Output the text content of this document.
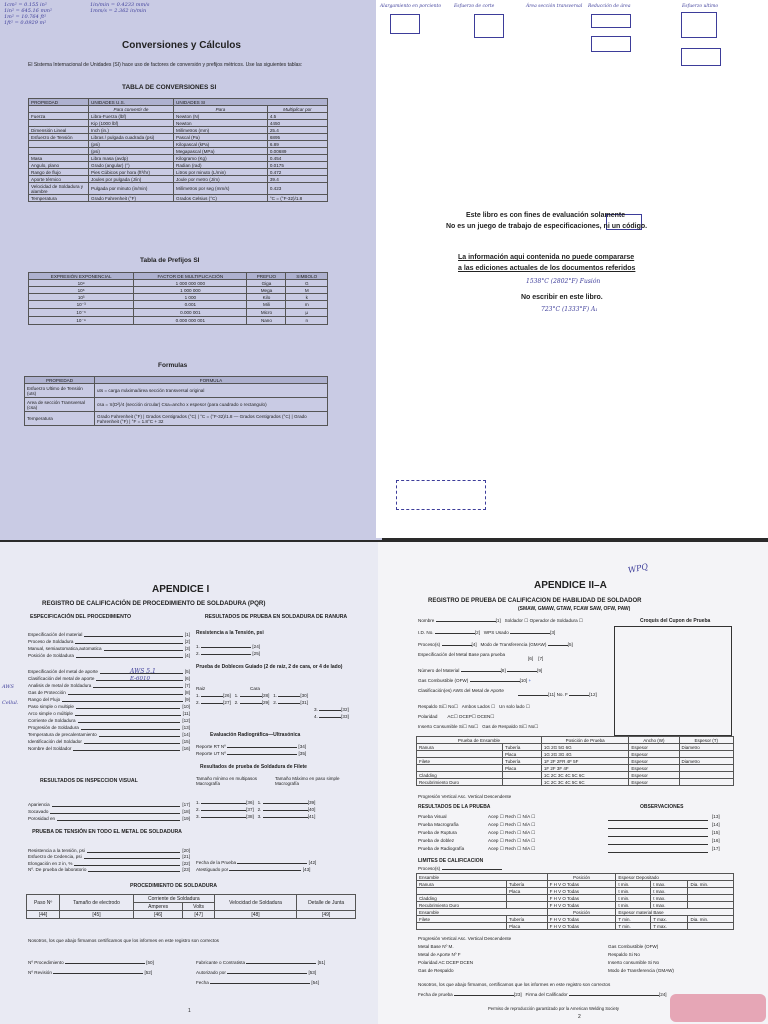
1cm² = 0.155 in²
1in² = 645.16 mm²
1m² = 10.764 ft²
1ft² = 0.0929 m²
1in/min = 0.4233 mm/s
1mm/s = 2.362 in/min
Conversiones y Cálculos
El Sistema Internacional de Unidades (SI) hace uso de factores de conversión y prefijos métricos. Use las siguientes tablas:
TABLA DE CONVERSIONES SI
PROPIEDAD	UNIDADES U.S.	UNIDADES SI	
	Para convertir de	Para	Multiplicar por
Fuerza	Libra-Fuerza (lbf)	Newton (N)	4.5
	Kip (1000 lbf)	Newton	4450
Dimensión Lineal	Inch (in.)	Milímetros (mm)	25.4
Esfuerzo de Tensión	Libras / pulgada cuadrada (psi)	Pascal (Pa)	6895
	(psi)	Kilopascal (kPa)	6.89
	(psi)	Megapascal (MPa)	0.00689
Masa	Libra masa (avdp)	Kilogramo (Kg)	0.454
Angulo, plano	Grado (angular) (°)	Radian (rad)	0.0175
Rango de flujo	Pies Cúbicos por hora (ft³/hr)	Litros por minuto (L/min)	0.472
Aporte térmico	Joules por pulgada (J/in)	Joule por metro (J/m)	39.4
Velocidad de Soldadura y alambre	Pulgada por minuto (in/min)	Milímetros por seg (mm/s)	0.423
Temperatura	Grado Fahrenheit (°F)	Grados Celsius (°C)	°C = (°F-32)/1.8
Tabla de Prefijos SI
EXPRESIÓN EXPONENCIAL	FACTOR DE MULTIPLICACIÓN	PREFIJO	SIMBOLO
10⁹	1 000 000 000	Giga	G
10⁶	1 000 000	Mega	M
10³	1 000	Kilo	k
10⁻³	0.001	Mili	m
10⁻⁶	0.000 001	Micro	µ
10⁻⁹	0.000 000 001	Nano	n
Formulas
PROPIEDAD	FORMULA
Esfuerzo Ultimo de Tensión (uts)	uts = carga máxima/área sección transversal original
Area de sección Transversal (csa)	csa = π(D²)/4 (sección circular) Csa=ancho x espesor (para cuadrado o rectangulo)
Temperatura	Grado Fahrenheit (°F) | Grados Centigrados (°C) | °C = (°F-32)/1.8 — Grados Centigrados (°C) | Grado Fahrenheit (°F) | °F = 1.8°C + 32
Alargamiento en porciento	Esfuerzo de corte	Área sección transversal Reducción de área	Esfuerzo ultimo
Este libro es con fines de evaluación solamente
No es un juego de trabajo de especificaciones, ni un código.
La información aqui contenida no puede compararse
a las ediciones actuales de los documentos referidos
1538°C (2802°F) Fusión
No escribir en este libro.
723°C (1333°F) A₁
APENDICE I
REGISTRO DE CALIFICACIÓN DE PROCEDIMIENTO DE SOLDADURA (PQR)
ESPECIFICACIÓN DEL PROCEDIMIENTO
Especificación del material	[1]
Proceso de Soldadura	[2]
Manual, semiautomatica,automatica	[3]
Posición de Soldadura	[4]
Especificación del metal de aporte	[5]
Clasificación del metal de aporte	[6]
Analisis de metal de Soldadura	[7]
Gas de Protección	[8]
Rango del Flujo	[9]
Paso simple o multiple	[10]
Arco simple o múltiple	[11]
Corriente de Soldadura	[12]
Progresión de Soldadura	[13]
Temperatura de precalentamiento	[14]
Identificación del Soldador	[15]
Nombre del Soldador	[16]
RESULTADOS DE PRUEBA EN SOLDADURA DE RANURA
Resistencia a la Tensión, psi
1.	[24]
2.	[25]
Prueba de Dobleces Guiado (2 de raiz, 2 de cara, or 4 de lado)
Raiz	Cara
1.	[26]   1.	[28]   1.	[30]
2.	[27]   2.	[29]   2.	[31]
3.	[32]
4.	[33]
Evaluación Radiográfica—Ultrasónica
Reporte RT Nº	[34]
Reporte UT Nº	[35]
Resultados de prueba de Soldadura de Filete
Tamaño mínimo en multipasos Macrografía
Tamaño Máximo en paso simple Macrografía
1.	[36]   1.	[39]
2.	[37]   2.	[40]
3.	[38]   3.	[41]
RESULTADOS DE INSPECCION VISUAL
Apariencia	[17]
Socavado	[18]
Porosidad en	[19]
PRUEBA DE TENSIÓN EN TODO EL METAL DE SOLDADURA
Resistencia a la tensión, psi	[20]
Esfuerzo de Cedencia, psi	[21]
Elongación en 2 in, %	[22]
Nº. De prueba de laboratorio	[23]
Fecha de la Prueba	[42]
Atestiguado por	[43]
PROCEDIMIENTO DE SOLDADURA
Paso Nº	Tamaño de electrodo	Corriente de Soldadura		Velocidad de Soldadura	Detalle de Junta
		Amperes	Volts		
[44]	[45]	[46]	[47]	[48]	[49]
Nosotros, los que abajo firmamos certificamos que los informes en este registro son correctos
Nº Procedimiento	[50]
Nº Revisión	[52]
Fabricante o Contratista	[51]
Autorizado por	[53]
Fecha	[54]
1
AWS 5.1
E-6010
AWS
Cellul.
WPQ
APENDICE II–A
REGISTRO DE PRUEBA DE CALIFICACION DE HABILIDAD DE SOLDADOR
(SMAW, GMAW, GTAW, FCAW SAW, OFW, PAW)
Nombre	[1]   Soldador ☐ Operador de Soldadura ☐	Croquis del Cupon de Prueba
I.D. No.	[2]   WPS Usado	[3]
Proceso(s)	[4]   Modo de Transferencia (GMAW)	[5]
Especificación del Metal Base para prueba
[6]    [7]
Número del Material	[8]	[9]
Gas Combustible (OFW)	[10] +
Clasificación(es) AWS del Metal de Aporte
[11] No. F	[12]
Respaldo Si☐ No☐   Ambos Lados ☐   Un solo lado ☐
Polaridad        AC☐ DCEP☐ DCEN☐
Inserto Consumible Si☐ No☐   Gas de Respaldo Si☐ No☐
Prueba de Ensamble		Posición de Prueba	Ancho (W)	Espesor (T)
Ranura	Tubería	1G 2G 5G 6G	Espesor	Diametro
	Placa	1G 2G 3G 4G	Espesor	
Filete	Tubería	1F 2F 2FR 4F 5F	Espesor	Diametro
	Placa	1F 2F 3F 4F	Espesor	
Cladding		1C 2C 3C 4C 5C 6C	Espesor	
Recubrimiento Duro		1C 2C 3C 4C 5C 6C	Espesor	
Progresión Vertical Asc. Vertical Descendente
RESULTADOS DE LA PRUEBA	OBSERVACIONES
Prueba Visual	Acep ☐ Rech ☐ N/A ☐	[13]
Prueba Macrografía	Acep ☐ Rech ☐ N/A ☐	[14]
Prueba de Ruptura	Acep ☐ Rech ☐ N/A ☐	[15]
Prueba de doblez	Acep ☐ Rech ☐ N/A ☐	[16]
Prueba de Radiografía	Acep ☐ Rech ☐ N/A ☐	[17]
LIMITES DE CALIFICACION
Proceso(s)
Ensamble		Posición	Espesor Depositado		
Ranura	Tubería	F H V O Todas	t min.	t max.	Dia. min.
	Placa	F H V O Todas	t min.	t max.	
Cladding		F H V O Todas	t min.	t max.	
Recubrimiento Duro		F H V O Todas	t min.	t max.	
Ensamble		Posición	Espesor material Base		
Filete	Tubería	F H V O Todas	T min.	T max.	Dia. min.
	Placa	F H V O Todas	T min.	T max.	
Progresión Vertical Asc. Vertical Descendente
Metal Base Nº M.	Gas Combustible (OFW)
Metal de Aporte Nº F	Respaldo Si No
Polaridad AC DCEP DCEN	Inserto consumible Si No
Gas de Respaldo	Modo de Transferencia (GMAW)
Nosotros, los que abajo firmamos, certificamos que los informes en este registro son correctos
Fecha de prueba	[23]   Firma del Calificador	[24]
Permiso de reproducción garantizado por la American Welding Society
2
